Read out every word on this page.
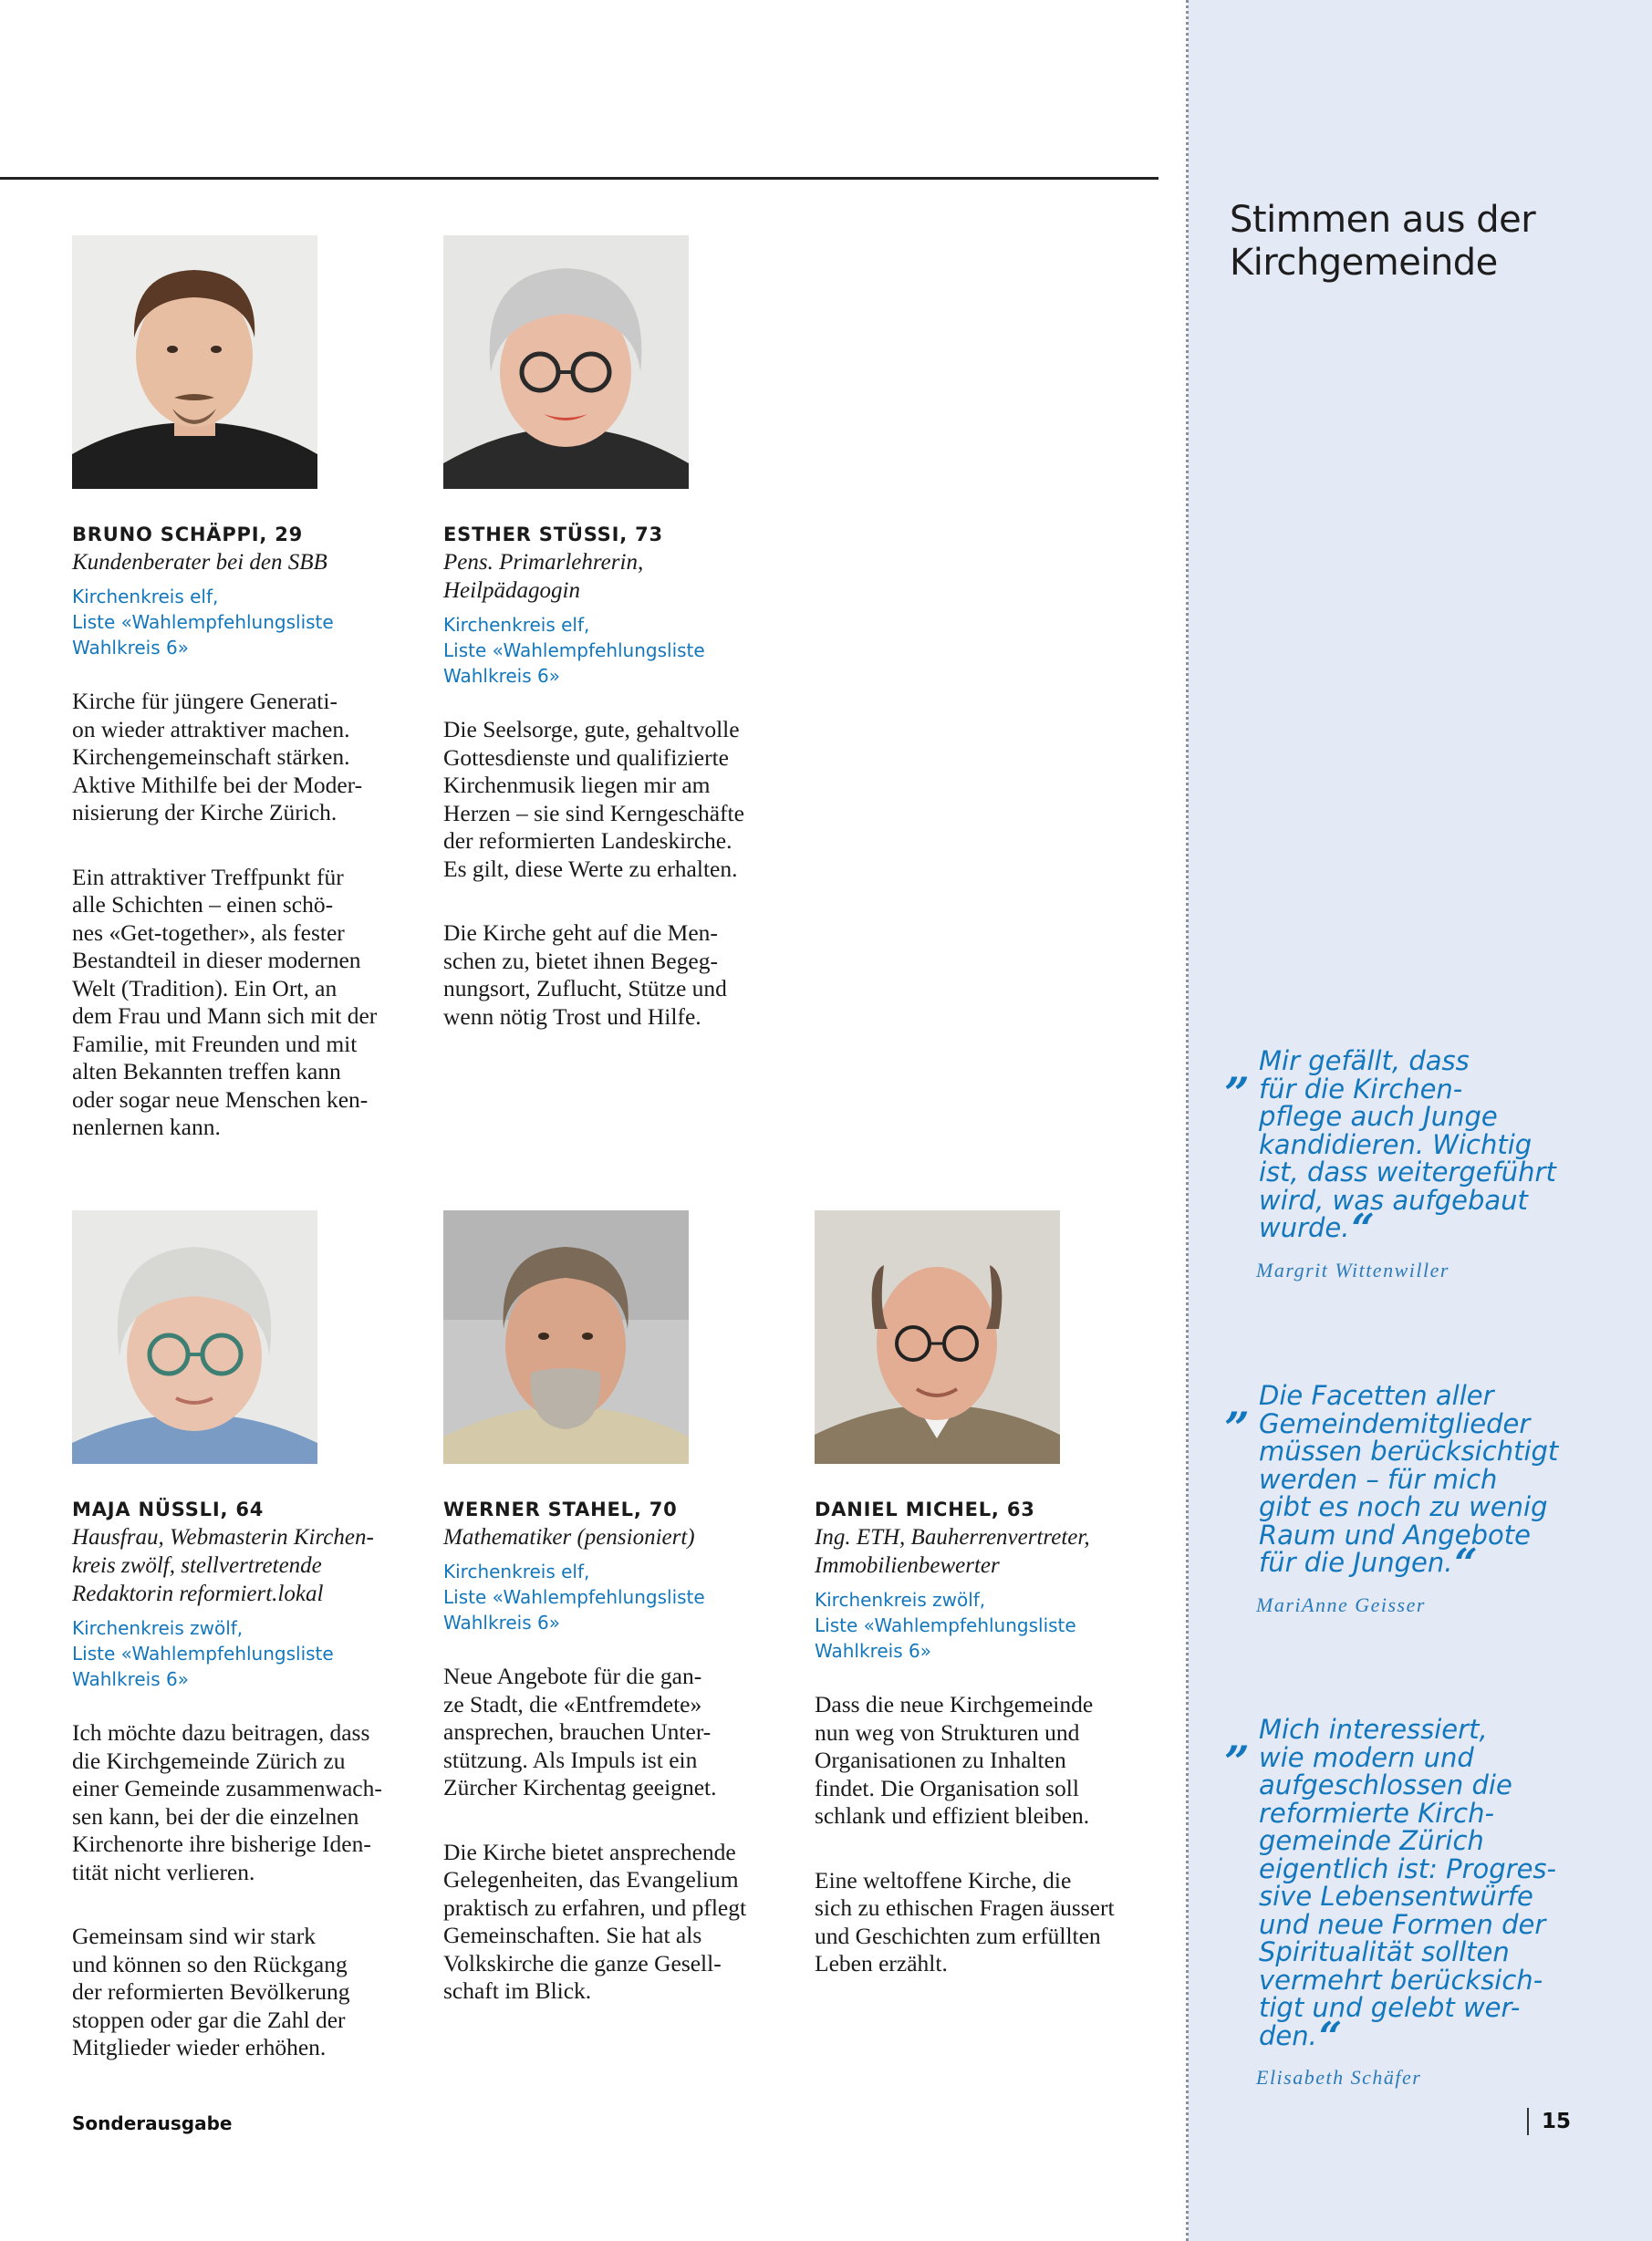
Stimmen aus der
Kirchgemeinde
BRUNO SCHÄPPI, 29
Kundenberater bei den SBB
Kirchenkreis elf,
Liste «Wahlempfehlungsliste
Wahlkreis 6»
Kirche für jüngere Generati-
on wieder attraktiver machen.
Kirchengemeinschaft stärken.
Aktive Mithilfe bei der Moder-
nisierung der Kirche Zürich.
Ein attraktiver Treffpunkt für
alle Schichten – einen schö-
nes «Get-together», als fester
Bestandteil in dieser modernen
Welt (Tradition). Ein Ort, an
dem Frau und Mann sich mit der
Familie, mit Freunden und mit
alten Bekannten treffen kann
oder sogar neue Menschen ken-
nenlernen kann.
ESTHER STÜSSI, 73
Pens. Primarlehrerin,
Heilpädagogin
Kirchenkreis elf,
Liste «Wahlempfehlungsliste
Wahlkreis 6»
Die Seelsorge, gute, gehaltvolle
Gottesdienste und qualifizierte
Kirchenmusik liegen mir am
Herzen – sie sind Kerngeschäfte
der reformierten Landeskirche.
Es gilt, diese Werte zu erhalten.
Die Kirche geht auf die Men-
schen zu, bietet ihnen Begeg-
nungsort, Zuflucht, Stütze und
wenn nötig Trost und Hilfe.
MAJA NÜSSLI, 64
Hausfrau, Webmasterin Kirchen-
kreis zwölf, stellvertretende
Redaktorin reformiert.lokal
Kirchenkreis zwölf,
Liste «Wahlempfehlungsliste
Wahlkreis 6»
Ich möchte dazu beitragen, dass
die Kirchgemeinde Zürich zu
einer Gemeinde zusammenwach-
sen kann, bei der die einzelnen
Kirchenorte ihre bisherige Iden-
tität nicht verlieren.
Gemeinsam sind wir stark
und können so den Rückgang
der reformierten Bevölkerung
stoppen oder gar die Zahl der
Mitglieder wieder erhöhen.
WERNER STAHEL, 70
Mathematiker (pensioniert)
Kirchenkreis elf,
Liste «Wahlempfehlungsliste
Wahlkreis 6»
Neue Angebote für die gan-
ze Stadt, die «Entfremdete»
ansprechen, brauchen Unter-
stützung. Als Impuls ist ein
Zürcher Kirchentag geeignet.
Die Kirche bietet ansprechende
Gelegenheiten, das Evangelium
praktisch zu erfahren, und pflegt
Gemeinschaften. Sie hat als
Volkskirche die ganze Gesell-
schaft im Blick.
DANIEL MICHEL, 63
Ing. ETH, Bauherrenvertreter,
Immobilienbewerter
Kirchenkreis zwölf,
Liste «Wahlempfehlungsliste
Wahlkreis 6»
Dass die neue Kirchgemeinde
nun weg von Strukturen und
Organisationen zu Inhalten
findet. Die Organisation soll
schlank und effizient bleiben.
Eine weltoffene Kirche, die
sich zu ethischen Fragen äussert
und Geschichten zum erfüllten
Leben erzählt.
„ Mir gefällt, dass
für die Kirchen-
pflege auch Junge
kandidieren. Wichtig
ist, dass weitergeführt
wird, was aufgebaut
wurde.“
Margrit Wittenwiller
„ Die Facetten aller
Gemeindemitglieder
müssen berücksichtigt
werden – für mich
gibt es noch zu wenig
Raum und Angebote
für die Jungen.“
MariAnne Geisser
„ Mich interessiert,
wie modern und
aufgeschlossen die
reformierte Kirch-
gemeinde Zürich
eigentlich ist: Progres-
sive Lebensentwürfe
und neue Formen der
Spiritualität sollten
vermehrt berücksich-
tigt und gelebt wer-
den.“
Elisabeth Schäfer
Sonderausgabe	15
